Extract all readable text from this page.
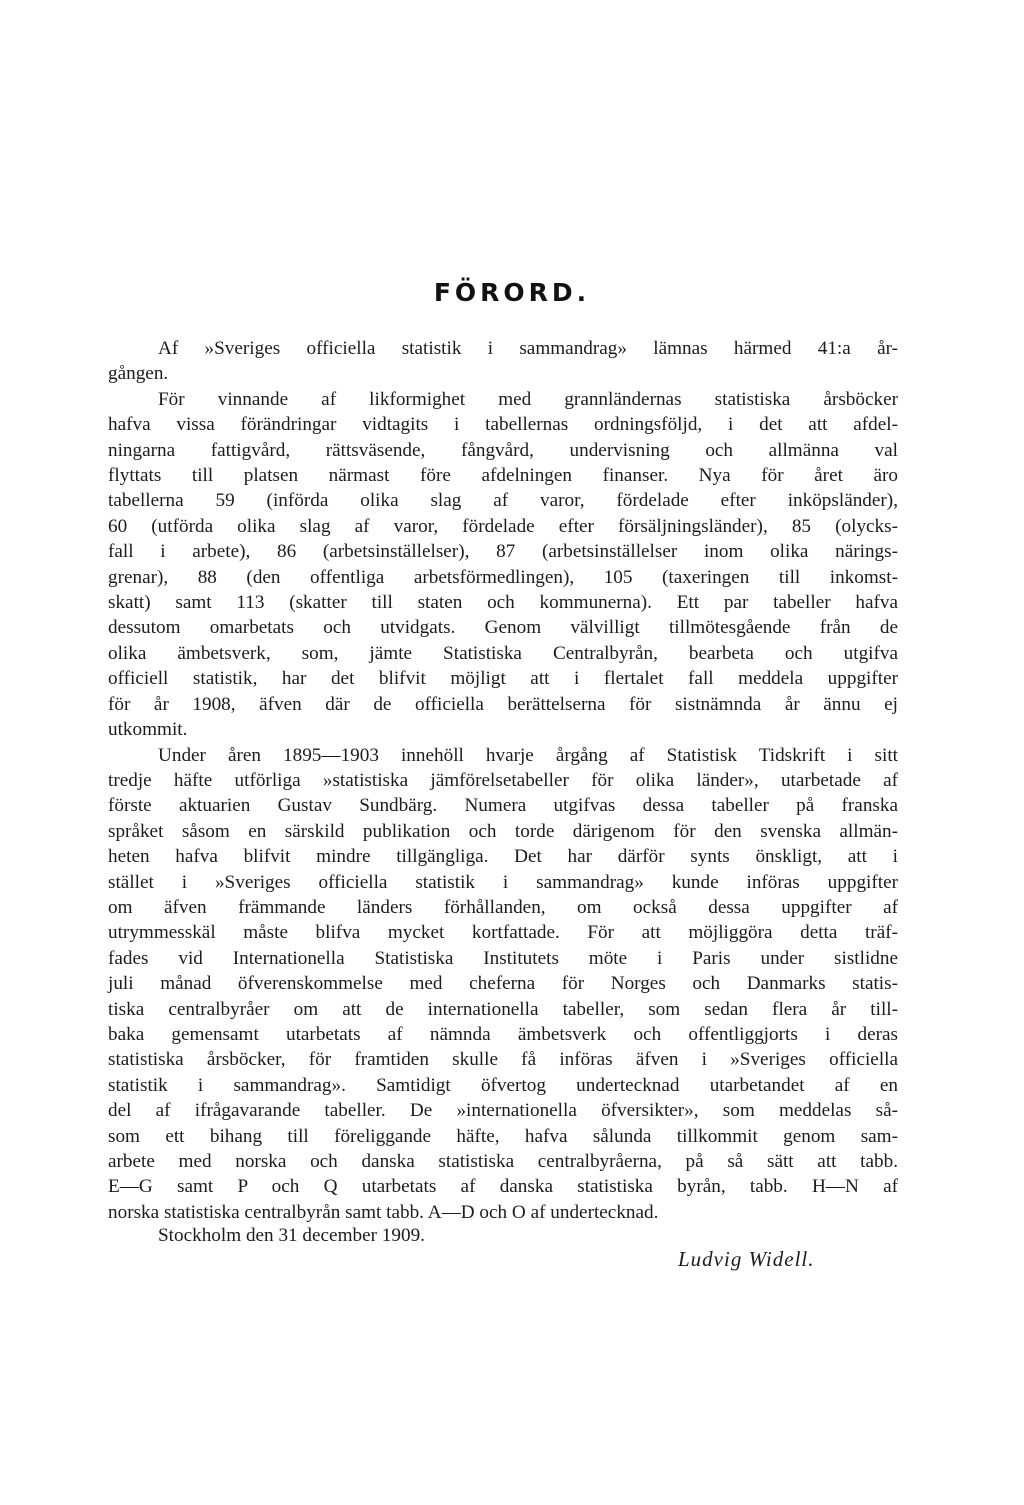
FÖRORD.
Af »Sveriges officiella statistik i sammandrag» lämnas härmed 41:a år-
gången.
För vinnande af likformighet med grannländernas statistiska årsböcker
hafva vissa förändringar vidtagits i tabellernas ordningsföljd, i det att afdel-
ningarna fattigvård, rättsväsende, fångvård, undervisning och allmänna val
flyttats till platsen närmast före afdelningen finanser. Nya för året äro
tabellerna 59 (införda olika slag af varor, fördelade efter inköpsländer),
60 (utförda olika slag af varor, fördelade efter försäljningsländer), 85 (olycks-
fall i arbete), 86 (arbetsinställelser), 87 (arbetsinställelser inom olika närings-
grenar), 88 (den offentliga arbetsförmedlingen), 105 (taxeringen till inkomst-
skatt) samt 113 (skatter till staten och kommunerna). Ett par tabeller hafva
dessutom omarbetats och utvidgats. Genom välvilligt tillmötesgående från de
olika ämbetsverk, som, jämte Statistiska Centralbyrån, bearbeta och utgifva
officiell statistik, har det blifvit möjligt att i flertalet fall meddela uppgifter
för år 1908, äfven där de officiella berättelserna för sistnämnda år ännu ej
utkommit.
Under åren 1895—1903 innehöll hvarje årgång af Statistisk Tidskrift i sitt
tredje häfte utförliga »statistiska jämförelsetabeller för olika länder», utarbetade af
förste aktuarien Gustav Sundbärg. Numera utgifvas dessa tabeller på franska
språket såsom en särskild publikation och torde därigenom för den svenska allmän-
heten hafva blifvit mindre tillgängliga. Det har därför synts önskligt, att i
stället i »Sveriges officiella statistik i sammandrag» kunde införas uppgifter
om äfven främmande länders förhållanden, om också dessa uppgifter af
utrymmesskäl måste blifva mycket kortfattade. För att möjliggöra detta träf-
fades vid Internationella Statistiska Institutets möte i Paris under sistlidne
juli månad öfverenskommelse med cheferna för Norges och Danmarks statis-
tiska centralbyråer om att de internationella tabeller, som sedan flera år till-
baka gemensamt utarbetats af nämnda ämbetsverk och offentliggjorts i deras
statistiska årsböcker, för framtiden skulle få införas äfven i »Sveriges officiella
statistik i sammandrag». Samtidigt öfvertog undertecknad utarbetandet af en
del af ifrågavarande tabeller. De »internationella öfversikter», som meddelas så-
som ett bihang till föreliggande häfte, hafva sålunda tillkommit genom sam-
arbete med norska och danska statistiska centralbyråerna, på så sätt att tabb.
E—G samt P och Q utarbetats af danska statistiska byrån, tabb. H—N af
norska statistiska centralbyrån samt tabb. A—D och O af undertecknad.
Stockholm den 31 december 1909.
Ludvig Widell.
